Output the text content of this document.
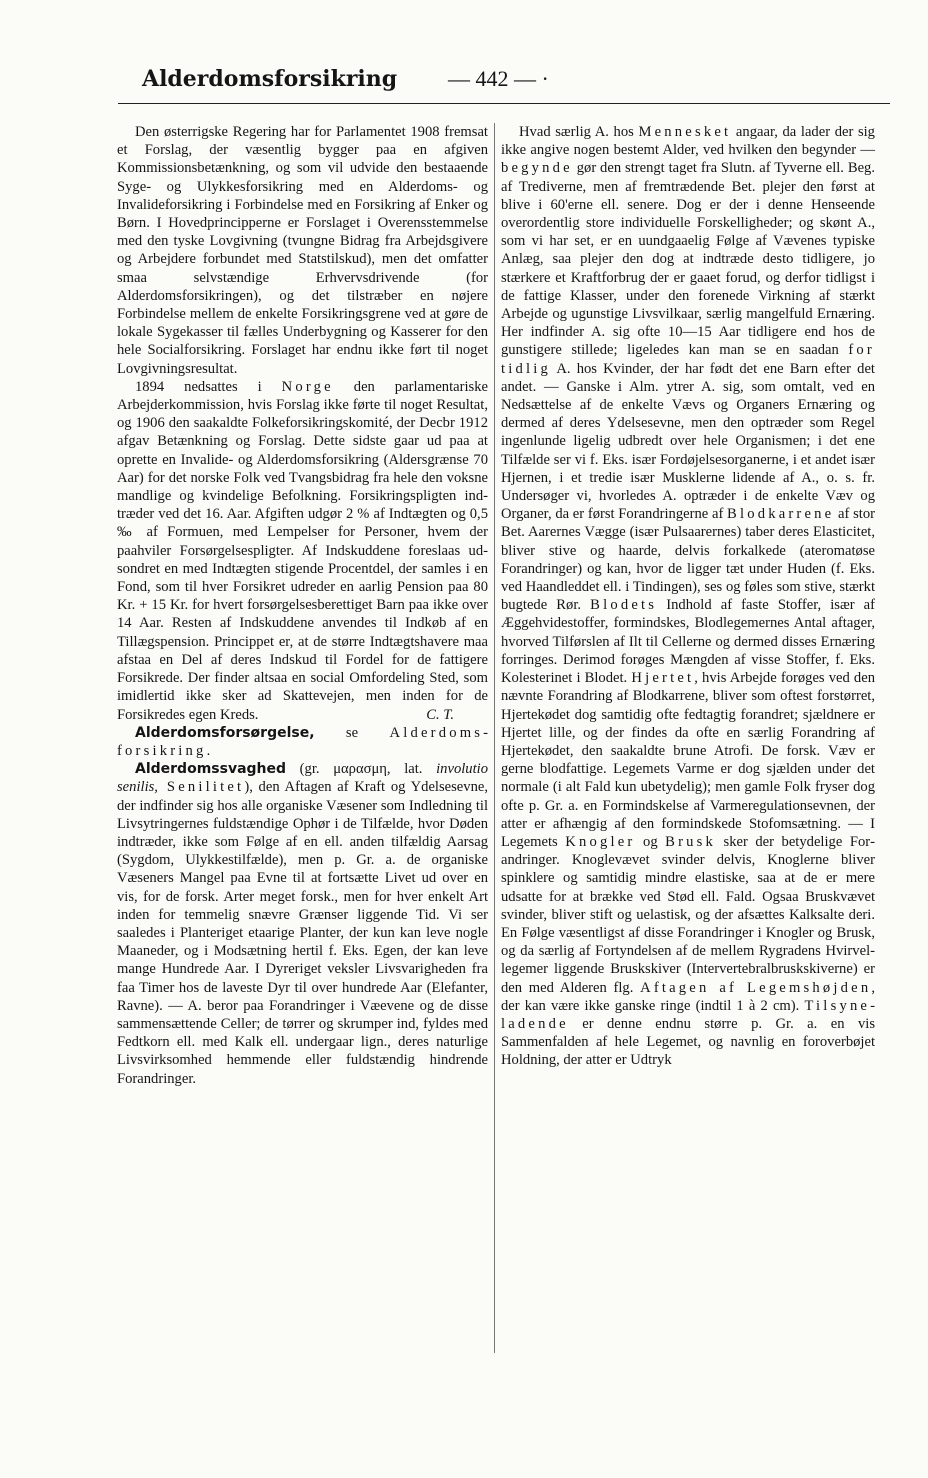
Alderdomsforsikring — 442 — ·

Den østerrigske Regering har for Parlamentet 1908 fremsat et Forslag, der væsentlig bygger paa en afgiven Kommissionsbetænkning, og som vil udvide den bestaaende Syge- og Ulykkesforsikring med en Alderdoms- og Invalideforsikring i Forbindelse med en Forsikring af Enker og Børn. I Hovedprincipperne er Forslaget i Overensstemmelse med den tyske Lovgivning (tvungne Bidrag fra Arbejdsgivere og Arbejdere forbundet med Statstilskud), men det omfatter smaa selvstændige Erhvervsdrivende (for Alderdomsforsikringen), og det tilstræber en nøjere Forbindelse mellem de enkelte Forsikringsgrene ved at gøre de lokale Sygekasser til fælles Underbygning og Kasserer for den hele Socialforsikring. Forslaget har endnu ikke ført til noget Lovgivningsresultat.

1894 nedsattes i Norge den parlamentariske Arbejderkommission, hvis Forslag ikke førte til noget Resultat, og 1906 den saakaldte Folkeforsikringskomité, der Decbr 1912 afgav Betænkning og Forslag. Dette sidste gaar ud paa at oprette en Invalide- og Alderdomsforsikring (Aldersgrænse 70 Aar) for det norske Folk ved Tvangsbidrag fra hele den voksne mandlige og kvindelige Befolkning. Forsikringspligten indtræder ved det 16. Aar. Afgiften udgør 2 % af Indtægten og 0,5 ‰ af Formuen, med Lempelser for Personer, hvem der paahviler Forsørgelsespligter. Af Indskuddene foreslaas udsondret en med Indtægten stigende Procentdel, der samles i en Fond, som til hver Forsikret udreder en aarlig Pension paa 80 Kr. + 15 Kr. for hvert forsørgelsesberettiget Barn paa ikke over 14 Aar. Resten af Indskuddene anvendes til Indkøb af en Tillægspension. Princippet er, at de større Indtægtshavere maa afstaa en Del af deres Indskud til Fordel for de fattigere Forsikrede. Der finder altsaa en social Omfordeling Sted, som imidlertid ikke sker ad Skattevejen, men inden for de Forsikredes egen Kreds.	C. T.

Alderdomsforsørgelse, se Alderdomsforsikring.

Alderdomssvaghed (gr. μαρασμη, lat. involutio senilis, Senilitet), den Aftagen af Kraft og Ydelsesevne, der indfinder sig hos alle organiske Væsener som Indledning til Livsytringernes fuldstændige Ophør i de Tilfælde, hvor Døden indtræder, ikke som Følge af en ell. anden tilfældig Aarsag (Sygdom, Ulykkestilfælde), men p. Gr. a. de organiske Væseners Mangel paa Evne til at fortsætte Livet ud over en vis, for de forsk. Arter meget forsk., men for hver enkelt Art inden for temmelig snævre Grænser liggende Tid. Vi ser saaledes i Planteriget etaarige Planter, der kun kan leve nogle Maaneder, og i Modsætning hertil f. Eks. Egen, der kan leve mange Hundrede Aar. I Dyreriget veksler Livsvarigheden fra faa Timer hos de laveste Dyr til over hundrede Aar (Elefanter, Ravne). — A. beror paa Forandringer i Væevene og de disse sammensættende Celler; de tørrer og skrumper ind, fyldes med Fedtkorn ell. med Kalk ell. undergaar lign., deres naturlige Livsvirksomhed hemmende eller fuldstændig hindrende Forandringer.

Hvad særlig A. hos Mennesket angaar, da lader der sig ikke angive nogen bestemt Alder, ved hvilken den begynder — begynde gør den strengt taget fra Slutn. af Tyverne ell. Beg. af Trediverne, men af fremtrædende Bet. plejer den først at blive i 60'erne ell. senere. Dog er der i denne Henseende overordentlig store individuelle Forskelligheder; og skønt A., som vi har set, er en uundgaaelig Følge af Vævenes typiske Anlæg, saa plejer den dog at indtræde desto tidligere, jo stærkere et Kraftforbrug der er gaaet forud, og derfor tidligst i de fattige Klasser, under den forenede Virkning af stærkt Arbejde og ugunstige Livsvilkaar, særlig mangelfuld Ernæring. Her indfinder A. sig ofte 10—15 Aar tidligere end hos de gunstigere stillede; ligeledes kan man se en saadan for tidlig A. hos Kvinder, der har født det ene Barn efter det andet. — Ganske i Alm. ytrer A. sig, som omtalt, ved en Nedsættelse af de enkelte Vævs og Organers Ernæring og dermed af deres Ydelsesevne, men den optræder som Regel ingenlunde ligelig udbredt over hele Organismen; i det ene Tilfælde ser vi f. Eks. især Fordøjelsesorganerne, i et andet især Hjernen, i et tredie især Musklerne lidende af A., o. s. fr. Undersøger vi, hvorledes A. optræder i de enkelte Væv og Organer, da er først Forandringerne af Blodkarrene af stor Bet. Aarernes Vægge (især Pulsaarernes) taber deres Elasticitet, bliver stive og haarde, delvis forkalkede (ateromatøse Forandringer) og kan, hvor de ligger tæt under Huden (f. Eks. ved Haandleddet ell. i Tindingen), ses og føles som stive, stærkt bugtede Rør. Blodets Indhold af faste Stoffer, især af Æggehvidestoffer, formindskes, Blodlegemernes Antal aftager, hvorved Tilførslen af Ilt til Cellerne og dermed disses Ernæring forringes. Derimod forøges Mængden af visse Stoffer, f. Eks. Kolesterinet i Blodet. Hjertet, hvis Arbejde forøges ved den nævnte Forandring af Blodkarrene, bliver som oftest forstørret, Hjertekødet dog samtidig ofte fedtagtig forandret; sjældnere er Hjertet lille, og der findes da ofte en særlig Forandring af Hjertekødet, den saakaldte brune Atrofi. De forsk. Væv er gerne blodfattige. Legemets Varme er dog sjælden under det normale (i alt Fald kun ubetydelig); men gamle Folk fryser dog ofte p. Gr. a. en Formindskelse af Varmeregulationsevnen, der atter er afhængig af den formindskede Stofomsætning. — I Legemets Knogler og Brusk sker der betydelige Forandringer. Knoglevævet svinder delvis, Knoglerne bliver spinklere og samtidig mindre elastiske, saa at de er mere udsatte for at brække ved Stød ell. Fald. Ogsaa Bruskvævet svinder, bliver stift og uelastisk, og der afsættes Kalksalte deri. En Følge væsentligst af disse Forandringer i Knogler og Brusk, og da særlig af Fortyndelsen af de mellem Rygradens Hvirvellegemer liggende Bruskskiver (Intervertebralbruskskiverne) er den med Alderen flg. Aftagen af Legemshøjden, der kan være ikke ganske ringe (indtil 1 à 2 cm). Tilsyneladende er denne endnu større p. Gr. a. en vis Sammenfalden af hele Legemet, og navnlig en foroverbøjet Holdning, der atter er Udtryk
